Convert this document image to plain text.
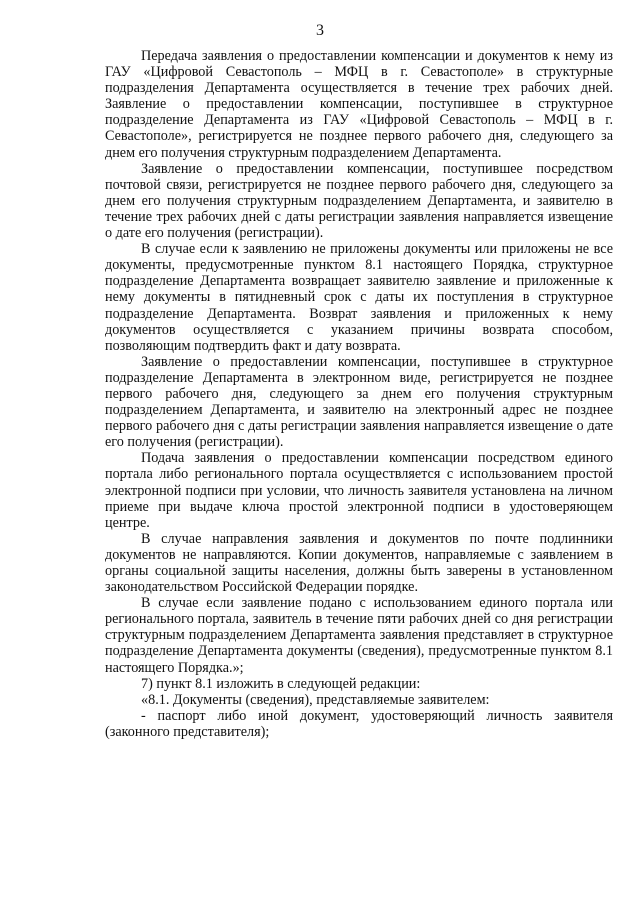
3

Передача заявления о предоставлении компенсации и документов к нему из ГАУ «Цифровой Севастополь – МФЦ в г. Севастополе» в структурные подразделения Департамента осуществляется в течение трех рабочих дней. Заявление о предоставлении компенсации, поступившее в структурное подразделение Департамента из ГАУ «Цифровой Севастополь – МФЦ в г. Севастополе», регистрируется не позднее первого рабочего дня, следующего за днем его получения структурным подразделением Департамента.

Заявление о предоставлении компенсации, поступившее посредством почтовой связи, регистрируется не позднее первого рабочего дня, следующего за днем его получения структурным подразделением Департамента, и заявителю в течение трех рабочих дней с даты регистрации заявления направляется извещение о дате его получения (регистрации).

В случае если к заявлению не приложены документы или приложены не все документы, предусмотренные пунктом 8.1 настоящего Порядка, структурное подразделение Департамента возвращает заявителю заявление и приложенные к нему документы в пятидневный срок с даты их поступления в структурное подразделение Департамента. Возврат заявления и приложенных к нему документов осуществляется с указанием причины возврата способом, позволяющим подтвердить факт и дату возврата.

Заявление о предоставлении компенсации, поступившее в структурное подразделение Департамента в электронном виде, регистрируется не позднее первого рабочего дня, следующего за днем его получения структурным подразделением Департамента, и заявителю на электронный адрес не позднее первого рабочего дня с даты регистрации заявления направляется извещение о дате его получения (регистрации).

Подача заявления о предоставлении компенсации посредством единого портала либо регионального портала осуществляется с использованием простой электронной подписи при условии, что личность заявителя установлена на личном приеме при выдаче ключа простой электронной подписи в удостоверяющем центре.

В случае направления заявления и документов по почте подлинники документов не направляются. Копии документов, направляемые с заявлением в органы социальной защиты населения, должны быть заверены в установленном законодательством Российской Федерации порядке.

В случае если заявление подано с использованием единого портала или регионального портала, заявитель в течение пяти рабочих дней со дня регистрации структурным подразделением Департамента заявления представляет в структурное подразделение Департамента документы (сведения), предусмотренные пунктом 8.1 настоящего Порядка.»;

7) пункт 8.1 изложить в следующей редакции:

«8.1. Документы (сведения), представляемые заявителем:

- паспорт либо иной документ, удостоверяющий личность заявителя (законного представителя);
